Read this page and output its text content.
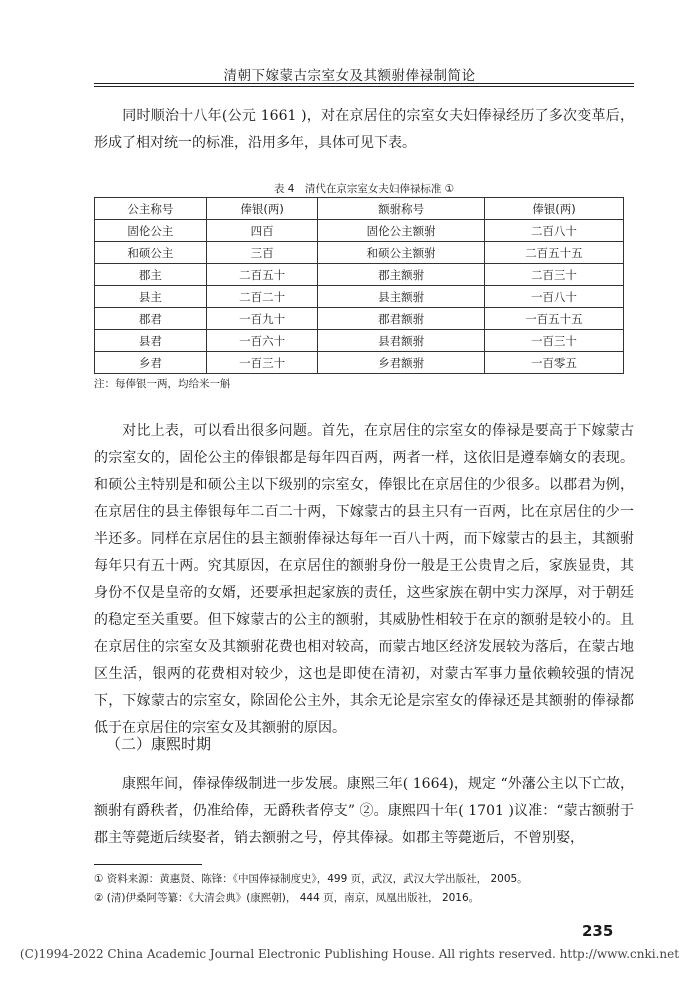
清朝下嫁蒙古宗室女及其额驸俸禄制简论

同时顺治十八年(公元 1661 )，对在京居住的宗室女夫妇俸禄经历了多次变革后，形成了相对统一的标准，沿用多年，具体可见下表。

表 4　清代在京宗室女夫妇俸禄标准 ①
公主称号	俸银(两)	额驸称号	俸银(两)
固伦公主	四百	固伦公主额驸	二百八十
和硕公主	三百	和硕公主额驸	二百五十五
郡主	二百五十	郡主额驸	二百三十
县主	二百二十	县主额驸	一百八十
郡君	一百九十	郡君额驸	一百五十五
县君	一百六十	县君额驸	一百三十
乡君	一百三十	乡君额驸	一百零五
注：每俸银一两，均给米一斛

对比上表，可以看出很多问题。首先，在京居住的宗室女的俸禄是要高于下嫁蒙古的宗室女的，固伦公主的俸银都是每年四百两，两者一样，这依旧是遵奉嫡女的表现。和硕公主特别是和硕公主以下级别的宗室女，俸银比在京居住的少很多。以郡君为例，在京居住的县主俸银每年二百二十两，下嫁蒙古的县主只有一百两，比在京居住的少一半还多。同样在京居住的县主额驸俸禄达每年一百八十两，而下嫁蒙古的县主，其额驸每年只有五十两。究其原因，在京居住的额驸身份一般是王公贵胄之后，家族显贵，其身份不仅是皇帝的女婿，还要承担起家族的责任，这些家族在朝中实力深厚，对于朝廷的稳定至关重要。但下嫁蒙古的公主的额驸，其威胁性相较于在京的额驸是较小的。且在京居住的宗室女及其额驸花费也相对较高，而蒙古地区经济发展较为落后，在蒙古地区生活，银两的花费相对较少，这也是即使在清初，对蒙古军事力量依赖较强的情况下，下嫁蒙古的宗室女，除固伦公主外，其余无论是宗室女的俸禄还是其额驸的俸禄都低于在京居住的宗室女及其额驸的原因。

（二）康熙时期

康熙年间，俸禄俸级制进一步发展。康熙三年( 1664)，规定 “外藩公主以下亡故，额驸有爵秩者，仍准给俸，无爵秩者停支” ②。康熙四十年( 1701 )议准：“蒙古额驸于郡主等薨逝后续娶者，销去额驸之号，停其俸禄。如郡主等薨逝后，不曾别娶，

① 资料来源：黄惠贤、陈锋：《中国俸禄制度史》，499 页，武汉，武汉大学出版社， 2005。
② (清)伊桑阿等纂：《大清会典》(康熙朝)， 444 页，南京，凤凰出版社， 2016。
235
(C)1994-2022 China Academic Journal Electronic Publishing House. All rights reserved. http://www.cnki.net
